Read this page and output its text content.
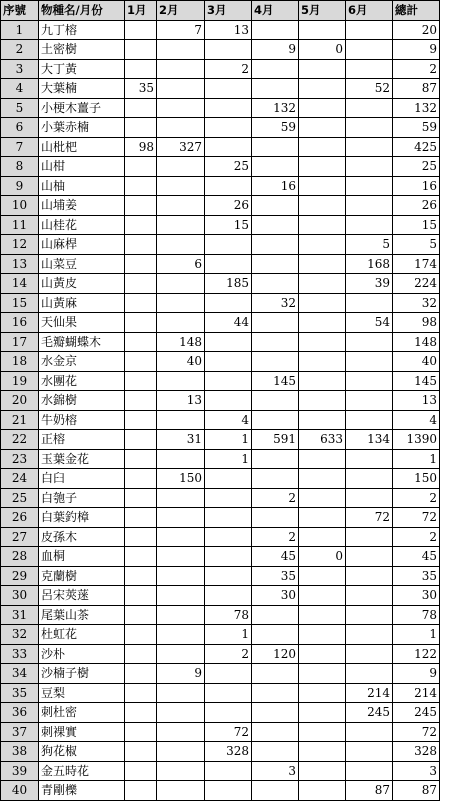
序號	物種名/月份	1月	2月	3月	4月	5月	6月	總計
1	九丁榕		7	13				20
2	土密樹				9	0		9
3	大丁黃			2				2
4	大葉楠	35					52	87
5	小梗木薑子				132			132
6	小葉赤楠				59			59
7	山枇杷	98	327					425
8	山柑			25				25
9	山柚				16			16
10	山埔姜			26				26
11	山桂花			15				15
12	山麻桿						5	5
13	山菜豆		6				168	174
14	山黃皮			185			39	224
15	山黃麻				32			32
16	天仙果			44			54	98
17	毛瓣蝴蝶木		148					148
18	水金京		40					40
19	水團花				145			145
20	水錦樹		13					13
21	牛奶榕			4				4
22	正榕		31	1	591	633	134	1390
23	玉葉金花			1				1
24	白臼		150					150
25	白匏子				2			2
26	白葉釣樟						72	72
27	皮孫木				2			2
28	血桐				45	0		45
29	克蘭樹				35			35
30	呂宋莢蒾				30			30
31	尾葉山茶			78				78
32	杜虹花			1				1
33	沙朴			2	120			122
34	沙楠子樹		9					9
35	豆梨						214	214
36	刺杜密						245	245
37	刺裸實			72				72
38	狗花椒			328				328
39	金五時花				3			3
40	青剛櫟						87	87
